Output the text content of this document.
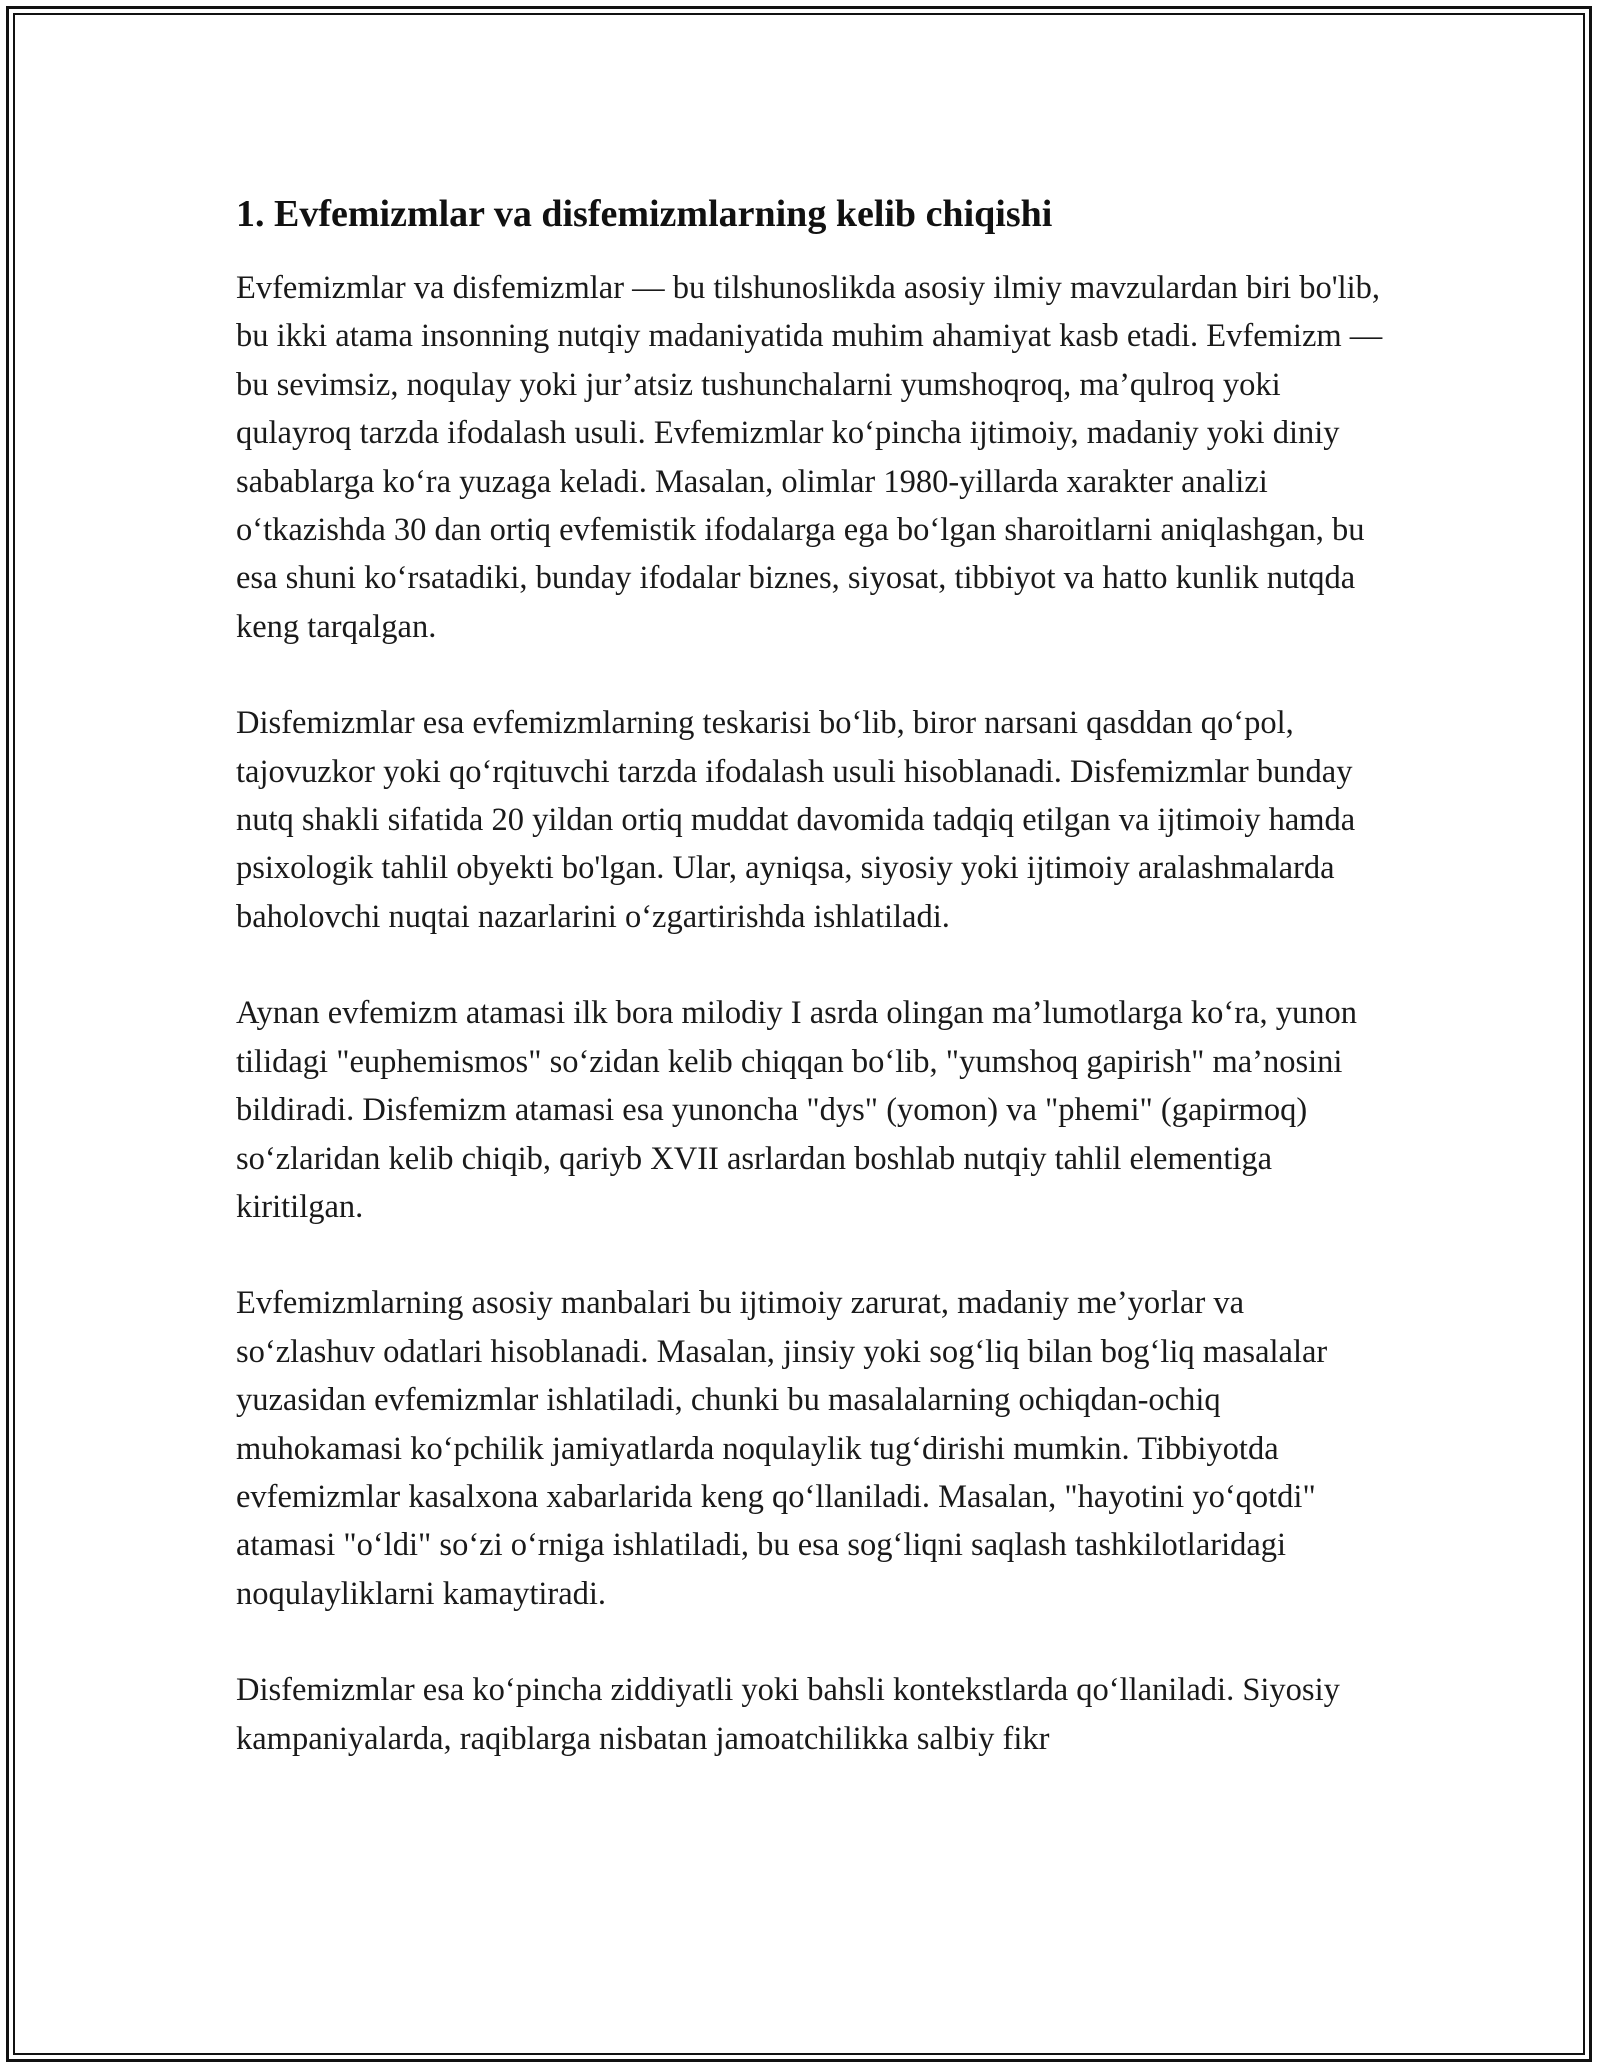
1. Evfemizmlar va disfemizmlarning kelib chiqishi

Evfemizmlar va disfemizmlar — bu tilshunoslikda asosiy ilmiy mavzulardan biri bo'lib, bu ikki atama insonning nutqiy madaniyatida muhim ahamiyat kasb etadi. Evfemizm — bu sevimsiz, noqulay yoki jur’atsiz tushunchalarni yumshoqroq, ma’qulroq yoki qulayroq tarzda ifodalash usuli. Evfemizmlar ko‘pincha ijtimoiy, madaniy yoki diniy sabablarga ko‘ra yuzaga keladi. Masalan, olimlar 1980-yillarda xarakter analizi o‘tkazishda 30 dan ortiq evfemistik ifodalarga ega bo‘lgan sharoitlarni aniqlashgan, bu esa shuni ko‘rsatadiki, bunday ifodalar biznes, siyosat, tibbiyot va hatto kunlik nutqda keng tarqalgan.

Disfemizmlar esa evfemizmlarning teskarisi bo‘lib, biror narsani qasddan qo‘pol, tajovuzkor yoki qo‘rqituvchi tarzda ifodalash usuli hisoblanadi. Disfemizmlar bunday nutq shakli sifatida 20 yildan ortiq muddat davomida tadqiq etilgan va ijtimoiy hamda psixologik tahlil obyekti bo'lgan. Ular, ayniqsa, siyosiy yoki ijtimoiy aralashmalarda baholovchi nuqtai nazarlarini o‘zgartirishda ishlatiladi.

Aynan evfemizm atamasi ilk bora milodiy I asrda olingan ma’lumotlarga ko‘ra, yunon tilidagi "euphemismos" so‘zidan kelib chiqqan bo‘lib, "yumshoq gapirish" ma’nosini bildiradi. Disfemizm atamasi esa yunoncha "dys" (yomon) va "phemi" (gapirmoq) so‘zlaridan kelib chiqib, qariyb XVII asrlardan boshlab nutqiy tahlil elementiga kiritilgan.

Evfemizmlarning asosiy manbalari bu ijtimoiy zarurat, madaniy me’yorlar va so‘zlashuv odatlari hisoblanadi. Masalan, jinsiy yoki sog‘liq bilan bog‘liq masalalar yuzasidan evfemizmlar ishlatiladi, chunki bu masalalarning ochiqdan-ochiq muhokamasi ko‘pchilik jamiyatlarda noqulaylik tug‘dirishi mumkin. Tibbiyotda evfemizmlar kasalxona xabarlarida keng qo‘llaniladi. Masalan, "hayotini yo‘qotdi" atamasi "o‘ldi" so‘zi o‘rniga ishlatiladi, bu esa sog‘liqni saqlash tashkilotlaridagi noqulayliklarni kamaytiradi.

Disfemizmlar esa ko‘pincha ziddiyatli yoki bahsli kontekstlarda qo‘llaniladi. Siyosiy kampaniyalarda, raqiblarga nisbatan jamoatchilikka salbiy fikr
